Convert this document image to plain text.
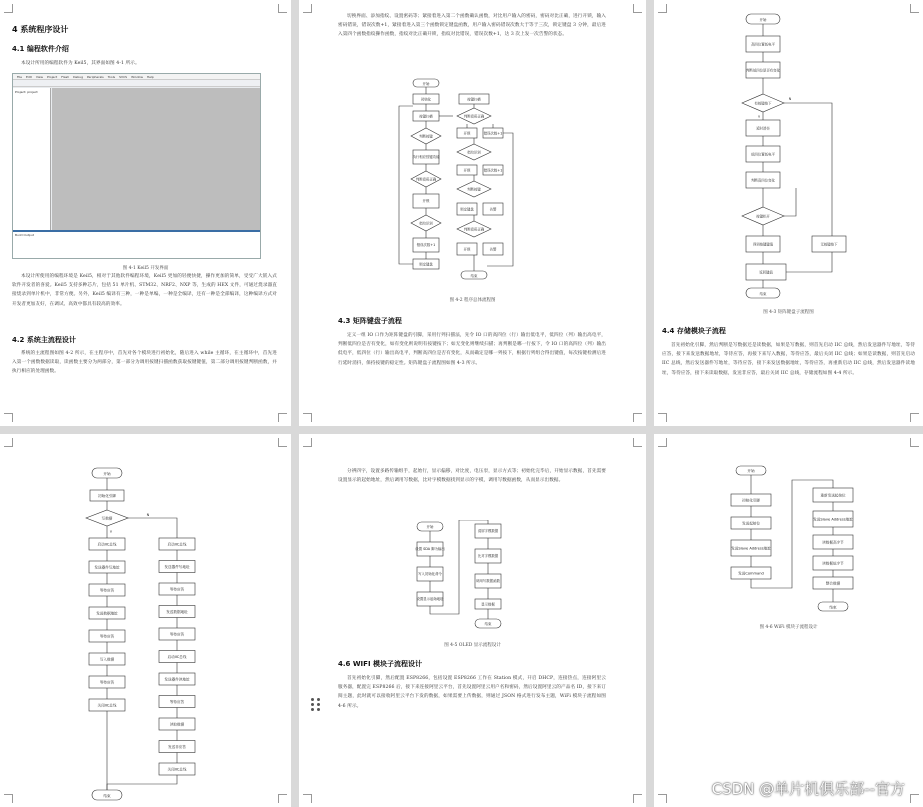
4 系统程序设计
4.1 编程软件介绍
本设计所用的编程软件为 Keil5，其界面如图 4-1 所示。
File Edit View Project Flash Debug Peripherals Tools SVCS Window Help
Project: project
Build Output
图 4-1 Keil5 开发界面
本设计所使用的编程环境是 Keil5，相对于其他软件编程环境，Keil5 更加的轻便快捷，操作更加的简单，受受广大嵌入式软件开发者的喜爱。Keil5 支持多种芯片，包括 51 单片机、STM32、NRF2、NXP 等，生成的 HEX 文件，可通过烧录器直接烧录到单片机中，非常方便。另外，Keil5 编译有三种，一种是单编，一种是全编译，还有一种是全部编译，这种编译方式对开发者更加友好，在调试、高效中都具有较高的效率。
4.2 系统主流程设计
系统的主流程图如图 4-2 所示，在主程序中，首先对各个模块进行初始化，随后进入 while 主循环，在主循环中，首先进入第一个函数数据读取，读函数主要分为两部分，第一部分为调用按键扫描函数获取按键键值，第二部分调用按键判断函数，并执行相应的处理函数。
切换界面、添加指纹、设置密码等；紧接着进入第二个函数确认函数，对比用户输入的密码，密码对比正确，进行开锁，输入密码错误，错误次数+1，紧接着进入第三个函数锁定键盘函数，用户输入密码错误次数大于等于三次，锁定键盘 3 分钟，最后进入第四个函数指纹操作函数，指纹对比正确开锁，指纹对比错误，错误次数+1，达 3 次上发一次告警的状态。
开始
初始化
按键扫描
判断按键
执行相应按键功能
判断密码正确
开锁
指纹识别
错误次数+1
锁定键盘
按键扫描
判断密码正确
开锁	错误次数+1
指纹识别
开锁	错误次数+1
判断按键
锁定键盘	告警
判断密码正确
开锁	告警
结束
图 4-2 程序总体流程图
4.3 矩阵键盘子流程
定义一组 IO 口作为矩阵键盘的引脚，采用行列扫描法，先令 IO 口的高四位（行）输出低电平，低四位（列）输出高电平，判断低四位是否有变化，如有变化则说明有按键按下；如无变化则继续扫描；再判断是哪一行按下，令 IO 口的高四位（列）输出低电平，低四位（行）输出高电平，判断高四位是否有变化，从而确定是哪一列按下，根据行列组合得出键值，每次按键检测后进行延时消抖，保持按键的稳定性。矩阵键盘子流程图如图 4-3 所示。
开始
高四位置低电平
判断低四位是否有变化
有按键按下
延时消抖
低四位置低电平
判断高四位变化
按键松开
得到按键键值	无按键按下
返回键值
结束
N
Y
图 4-3 矩阵键盘子流程图
4.4 存储模块子流程
首先初始化引脚，然后判断是写数据还是读数据，如果是写数据，则首先启动 IIC 总线，然后发送器件写地址，等待应答，接下来发送数据地址，等待应答，再接下来写入数据，等待应答，最后关闭 IIC 总线；如果是读数据，则首先启动 IIC 总线，然后发送器件写地址，等待应答，接下来发送数据地址，等待应答，再重新启动 IIC 总线，然后发送器件读地址，等待应答，接下来读取数据，发送非应答，最后关闭 IIC 总线，存储流程如图 4-4 所示。
开始
初始化引脚
写数据
Y
N
结束
启动IIC总线
发送器件写地址
等待应答
发送数据地址
等待应答
写入数据
等待应答
关闭IIC总线
启动IIC总线
发送器件写地址
等待应答
发送数据地址
等待应答
启动IIC总线
发送器件读地址
等待应答
读取数据
发送非应答
关闭IIC总线
分辨四字，设置多路传输组手，起始行，显示偏移，对比度，电压泵，显示方式等；初始化完毕后，开始显示数据，首先需要设置显示的起始地址，然后调用写数据，比对字模数据找到显示的字模，调用写数据函数，从而显示出数据。
开始
设置 SDA 脚为输出
写入初始化命令
设置显示起始地址
清屏字模数据
比对字模数据
调用写数据函数
显示数据
结束
图 4-5 OLED 显示流程设计
4.6 WIFI 模块子流程设计
首先初始化引脚，然后配置 ESP8266，包括设置 ESP8266 工作在 Station 模式，开启 DHCP，连接热点，连接阿里云服务器，配置完 ESP8266 后，接下来连接阿里云平台，首先设置阿里云用户名和密码，然后设置阿里云的产品名 ID，接下来订阅主题，此时就可以接收阿里云平台下发的数据，如果需要上传数据，则通过 JSON 格式进行发布主题，WiFi 模块子流程如图 4-6 所示。
开始
初始化引脚
发送起始位
发送Slave Address地址
发送Command
重新发送起始位
发送Slave Address地址
读数据高字节
读数据低字节
整合数据
结束
图 4-6 WiFi 模块子流程设计
CSDN @单片机俱乐部--官方
